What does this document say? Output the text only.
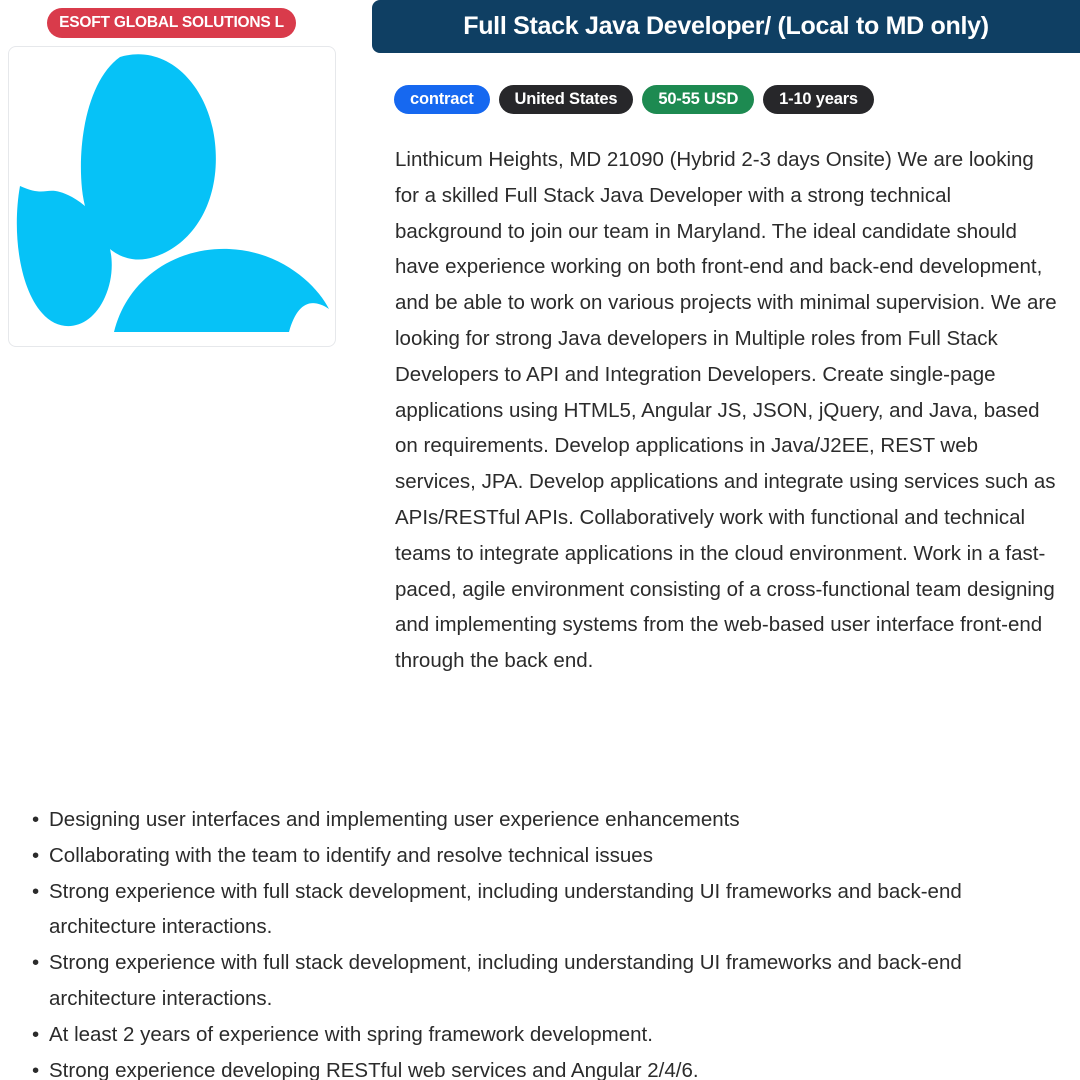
ESOFT GLOBAL SOLUTIONS L	Full Stack Java Developer/ (Local to MD only)
contract	United States	50-55 USD	1-10 years

Linthicum Heights, MD 21090 (Hybrid 2-3 days Onsite) We are looking for a skilled Full Stack Java Developer with a strong technical background to join our team in Maryland. The ideal candidate should have experience working on both front-end and back-end development, and be able to work on various projects with minimal supervision. We are looking for strong Java developers in Multiple roles from Full Stack Developers to API and Integration Developers. Create single-page applications using HTML5, Angular JS, JSON, jQuery, and Java, based on requirements. Develop applications in Java/J2EE, REST web services, JPA. Develop applications and integrate using services such as APIs/RESTful APIs. Collaboratively work with functional and technical teams to integrate applications in the cloud environment. Work in a fast-paced, agile environment consisting of a cross-functional team designing and implementing systems from the web-based user interface front-end through the back end.

• Designing user interfaces and implementing user experience enhancements
• Collaborating with the team to identify and resolve technical issues
• Strong experience with full stack development, including understanding UI frameworks and back-end architecture interactions.
• Strong experience with full stack development, including understanding UI frameworks and back-end architecture interactions.
• At least 2 years of experience with spring framework development.
• Strong experience developing RESTful web services and Angular 2/4/6.
